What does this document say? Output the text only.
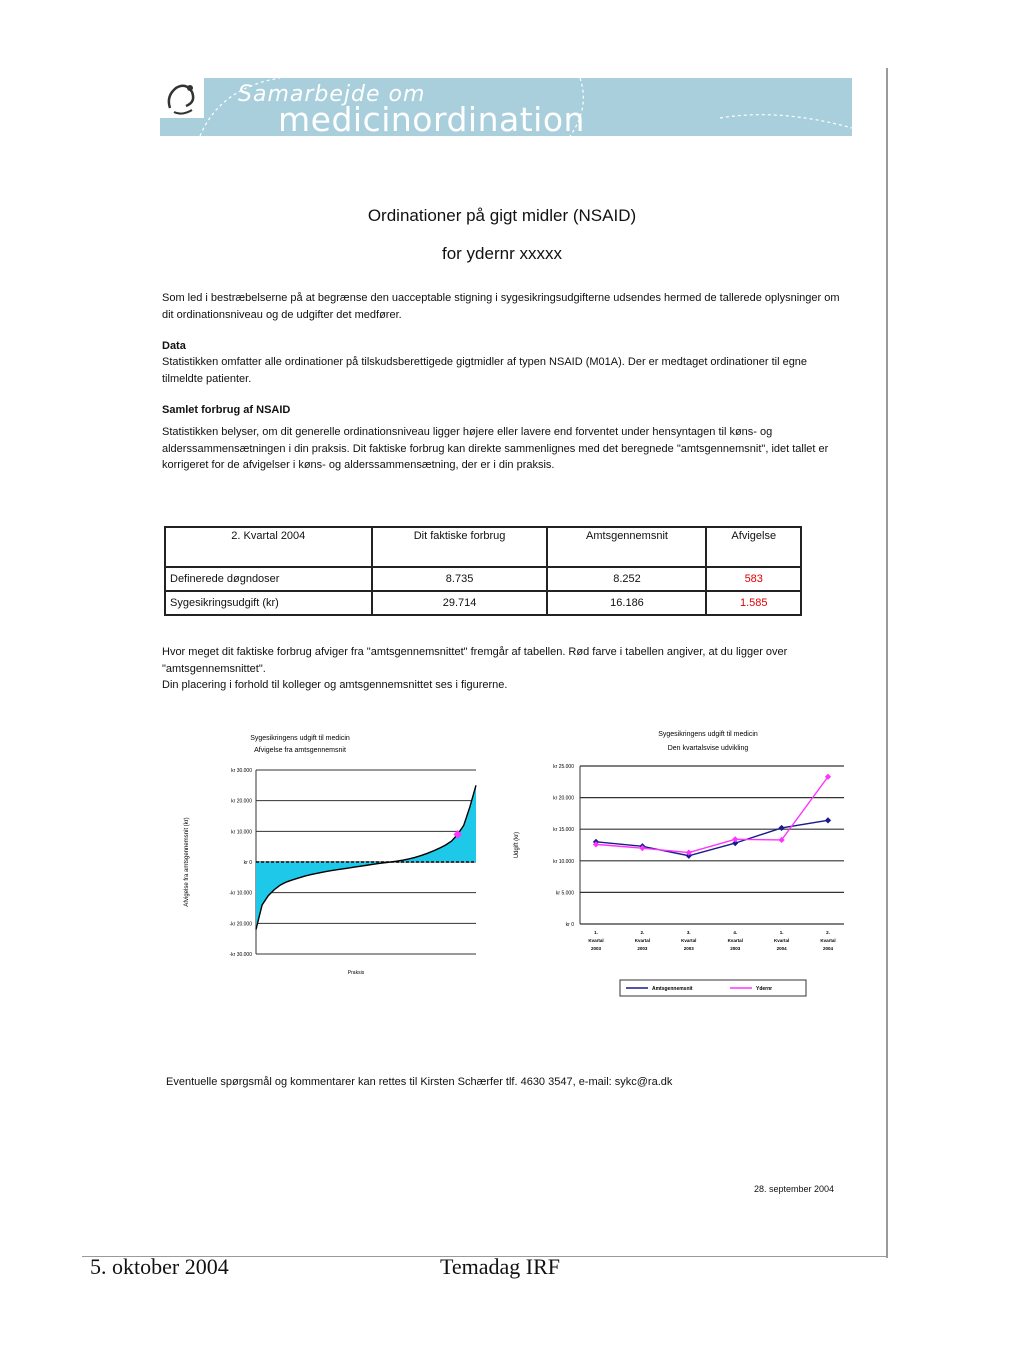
Samarbejde om
medicinordination
Ordinationer på gigt midler (NSAID)
for ydernr xxxxx
Som led i bestræbelserne på at begrænse den uacceptable stigning i sygesikringsudgifterne udsendes hermed de tallerede oplysninger om dit ordinationsniveau og de udgifter det medfører.
Data
Statistikken omfatter alle ordinationer på tilskudsberettigede gigtmidler af typen NSAID (M01A). Der er medtaget ordinationer til egne tilmeldte patienter.
Samlet forbrug af NSAID
Statistikken belyser, om dit generelle ordinationsniveau ligger højere eller lavere end forventet under hensyntagen til køns- og alderssammensætningen i din praksis. Dit faktiske forbrug kan direkte sammenlignes med det beregnede "amtsgennemsnit", idet tallet er korrigeret for de afvigelser i køns- og alderssammensætning, der er i din praksis.
2. Kvartal 2004	Dit faktiske forbrug	Amtsgennemsnit	Afvigelse
Definerede døgndoser	8.735	8.252	583
Sygesikringsudgift (kr)	29.714	16.186	1.585
Hvor meget dit faktiske forbrug afviger fra "amtsgennemsnittet" fremgår af tabellen. Rød farve i tabellen angiver, at du ligger over "amtsgennemsnittet".
Din placering i forhold til kolleger og amtsgennemsnittet ses i figurerne.
Sygesikringens udgift til medicin
Afvigelse fra amtsgennemsnit
kr 30.000
kr 20.000
kr 10.000
kr 0
-kr 10.000
-kr 20.000
-kr 30.000
Afvigelse fra amtsgennemsnit (kr)
Praksis
Sygesikringens udgift til medicin
Den kvartalsvise udvikling
kr 25.000
kr 20.000
kr 15.000
kr 10.000
kr 5.000
kr 0
Udgift (kr)
1.
Kvartal
2003
2.
Kvartal
2003
3.
Kvartal
2003
4.
Kvartal
2003
1.
Kvartal
2004
2.
Kvartal
2004
Amtsgennemsnit	Ydernr
Eventuelle spørgsmål og kommentarer kan rettes til Kirsten Schærfer tlf. 4630 3547, e-mail: sykc@ra.dk
28. september 2004
5. oktober 2004	Temadag IRF
